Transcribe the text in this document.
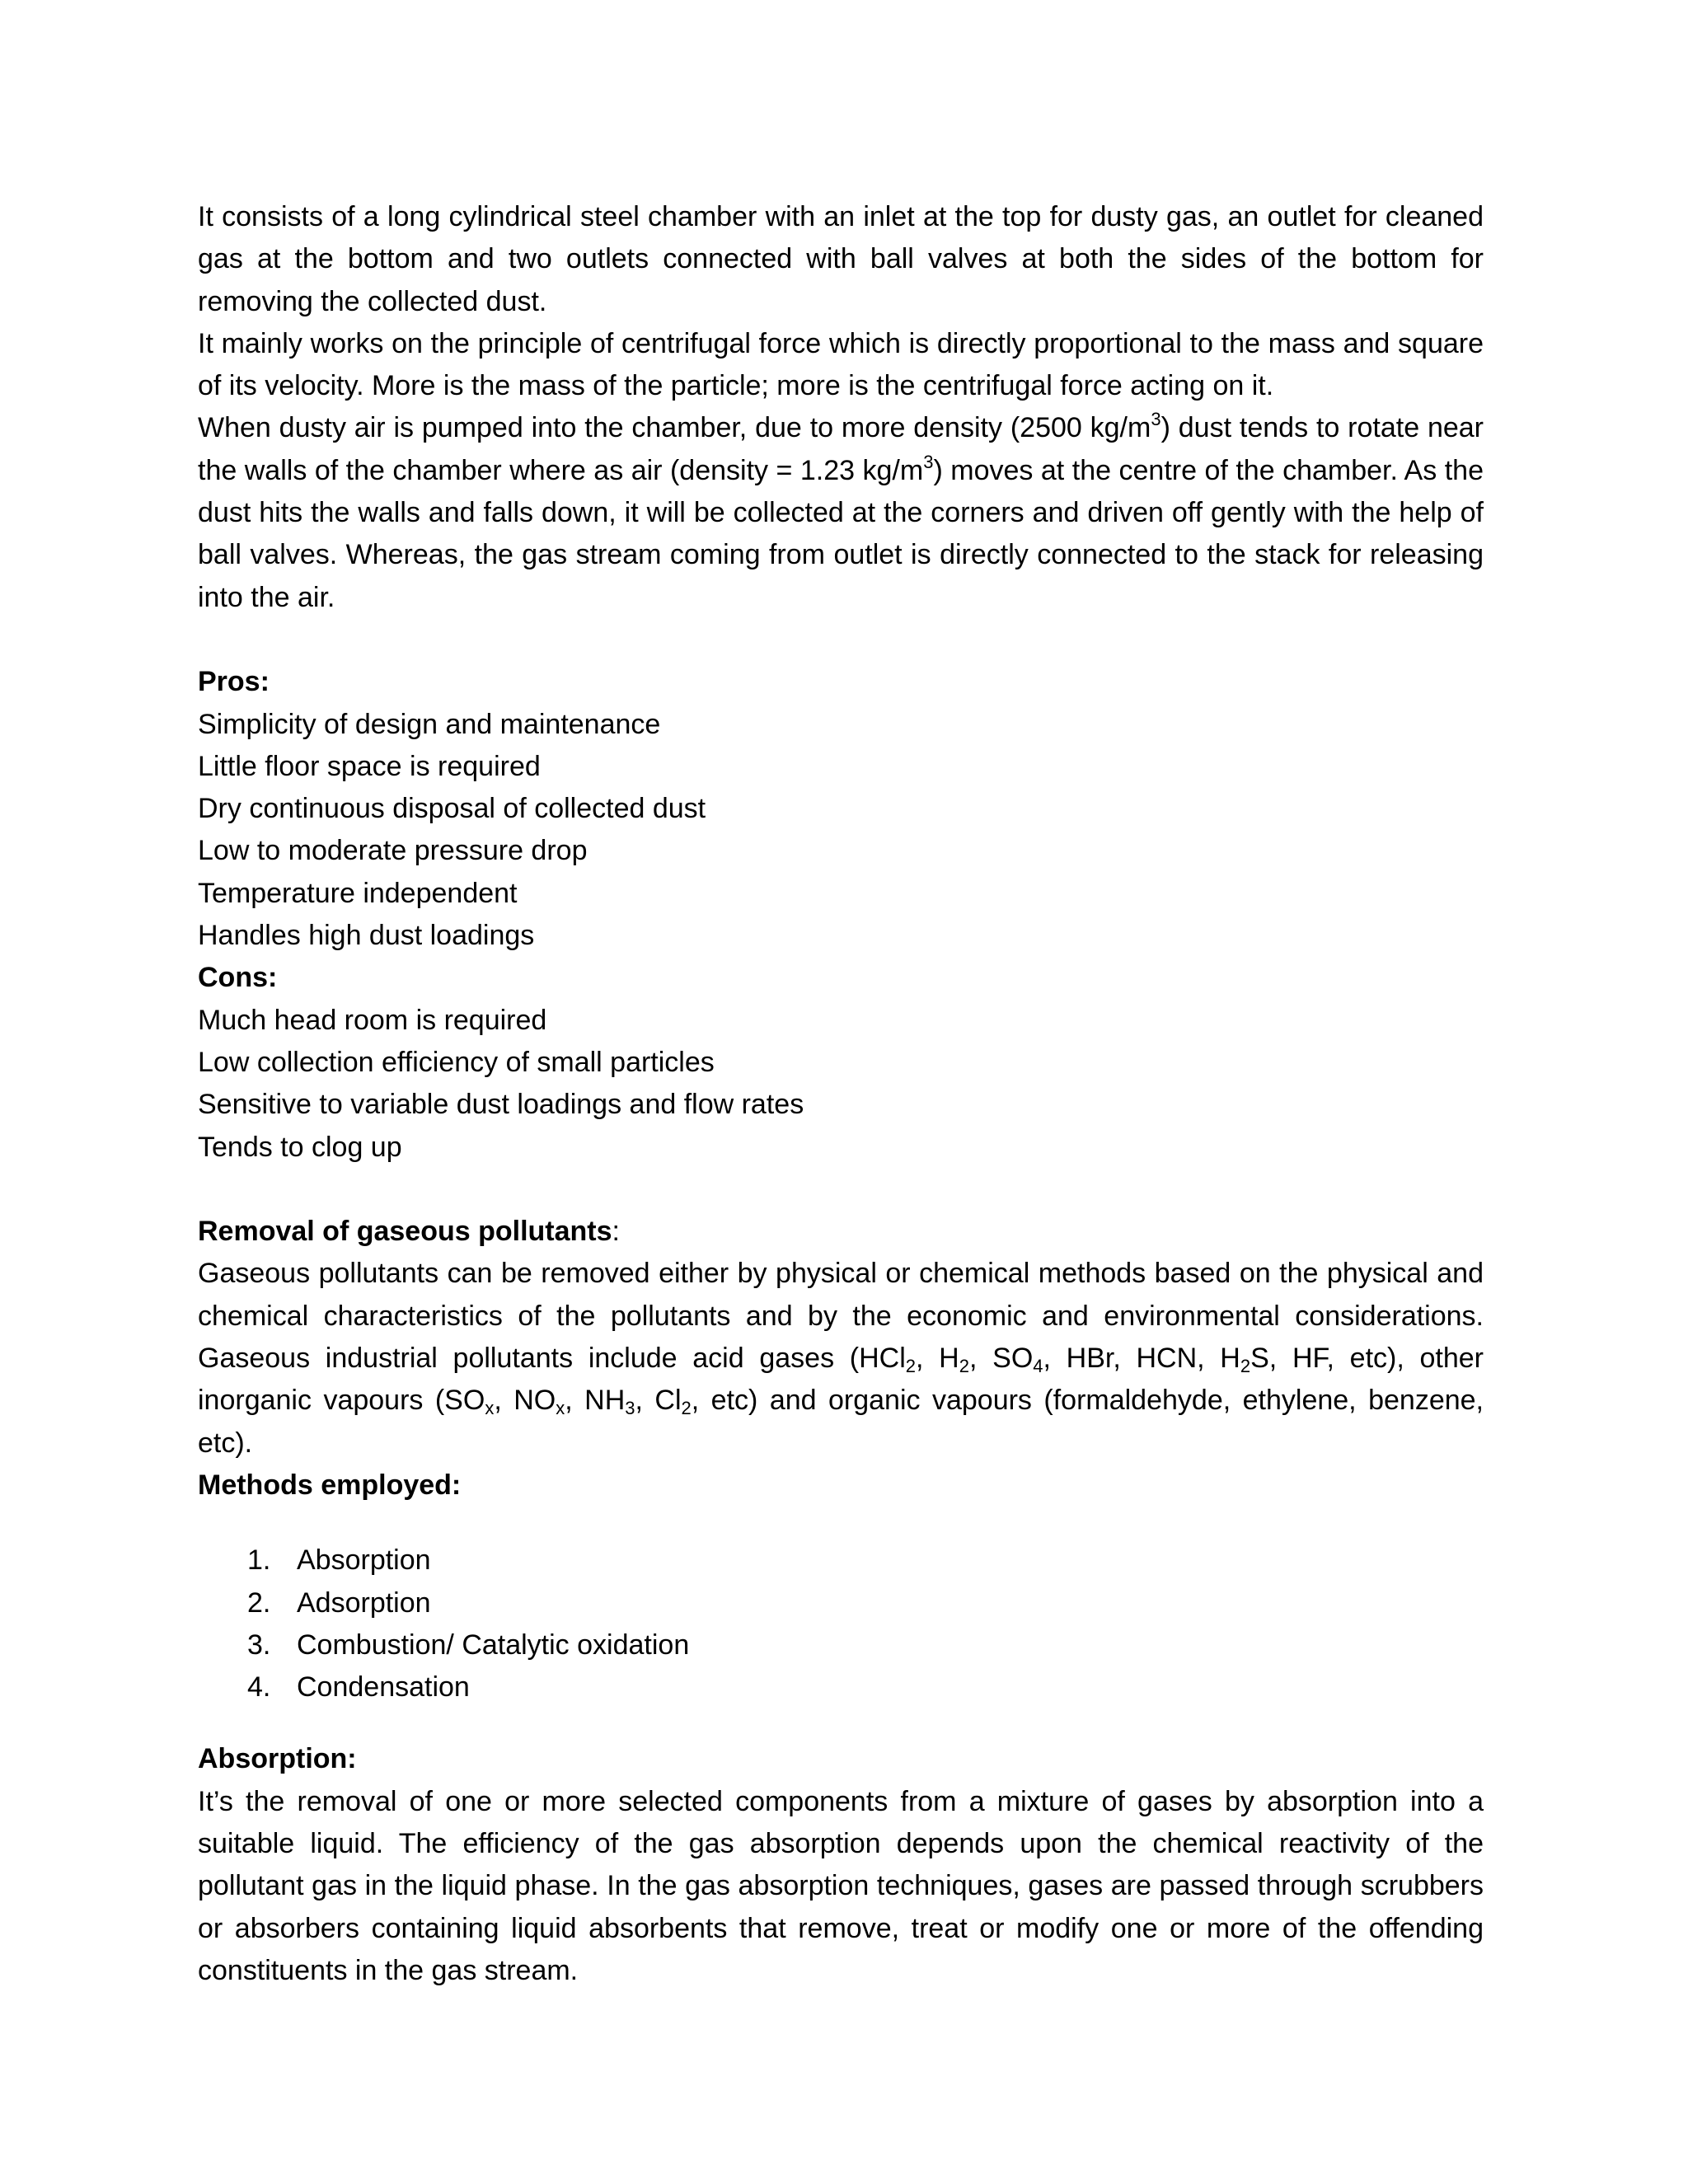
It consists of a long cylindrical steel chamber with an inlet at the top for dusty gas, an outlet for cleaned gas at the bottom and two outlets connected with ball valves at both the sides of the bottom for removing the collected dust.

It mainly works on the principle of centrifugal force which is directly proportional to the mass and square of its velocity. More is the mass of the particle; more is the centrifugal force acting on it.

When dusty air is pumped into the chamber, due to more density (2500 $kg/m^3$) dust tends to rotate near the walls of the chamber where as air (density = 1.23 $kg/m^3$) moves at the centre of the chamber. As the dust hits the walls and falls down, it will be collected at the corners and driven off gently with the help of ball valves. Whereas, the gas stream coming from outlet is directly connected to the stack for releasing into the air.

Pros:

Simplicity of design and maintenance

Little floor space is required

Dry continuous disposal of collected dust

Low to moderate pressure drop

Temperature independent

Handles high dust loadings

Cons:

Much head room is required

Low collection efficiency of small particles

Sensitive to variable dust loadings and flow rates

Tends to clog up

Removal of gaseous pollutants:

Gaseous pollutants can be removed either by physical or chemical methods based on the physical and chemical characteristics of the pollutants and by the economic and environmental considerations. Gaseous industrial pollutants include acid gases (HCl$_2$, $H_2$, $SO_4$, HBr, HCN, $H_2S$, HF, etc), other inorganic vapours ($SO_x$, $NO_x$, $NH_3$, $Cl_2$, etc) and organic vapours (formaldehyde, ethylene, benzene, etc).

Methods employed:

1. Absorption
2. Adsorption
3. Combustion/ Catalytic oxidation
4. Condensation

Absorption:

It’s the removal of one or more selected components from a mixture of gases by absorption into a suitable liquid. The efficiency of the gas absorption depends upon the chemical reactivity of the pollutant gas in the liquid phase. In the gas absorption techniques, gases are passed through scrubbers or absorbers containing liquid absorbents that remove, treat or modify one or more of the offending constituents in the gas stream.
